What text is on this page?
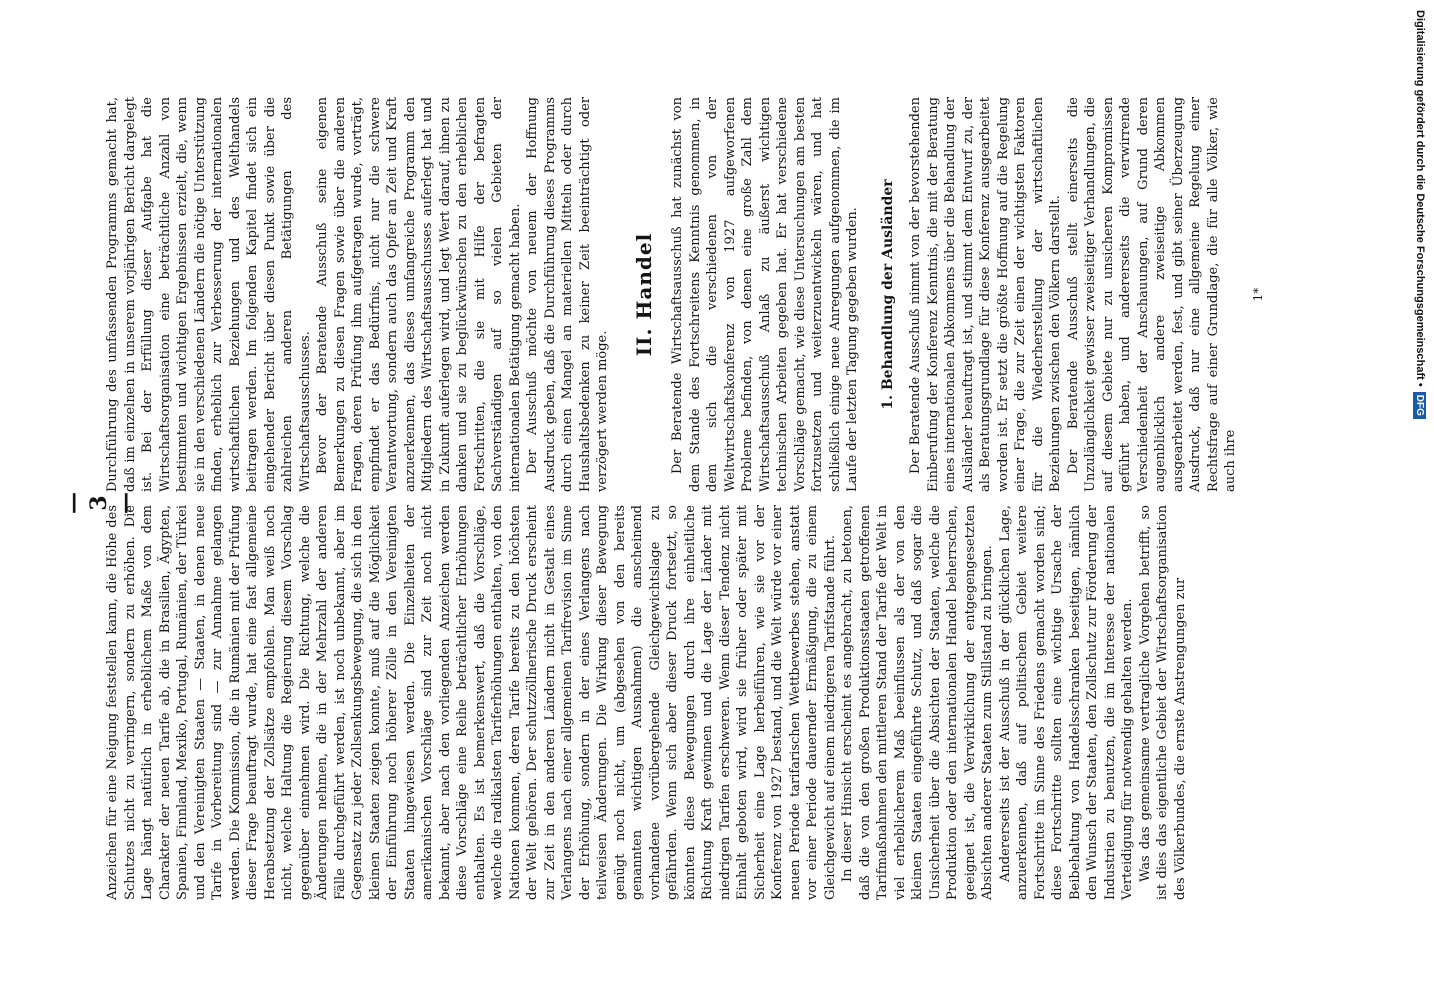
— 3 —

Anzeichen für eine Neigung feststellen kann, die Höhe des Schutzes nicht zu verringern, sondern zu erhöhen. Die Lage hängt natürlich in erheblichem Maße von dem Charakter der neuen Tarife ab, die in Brasilien, Ägypten, Spanien, Finnland, Mexiko, Portugal, Rumänien, der Türkei und den Vereinigten Staaten — Staaten, in denen neue Tarife in Vorbereitung sind — zur Annahme gelangen werden. Die Kommission, die in Rumänien mit der Prüfung dieser Frage beauftragt wurde, hat eine fast allgemeine Herabsetzung der Zollsätze empfohlen. Man weiß noch nicht, welche Haltung die Regierung diesem Vorschlag gegenüber einnehmen wird. Die Richtung, welche die Änderungen nehmen, die in der Mehrzahl der anderen Fälle durchgeführt werden, ist noch unbekannt, aber im Gegensatz zu jeder Zollsenkungsbewegung, die sich in den kleinen Staaten zeigen konnte, muß auf die Möglichkeit der Einführung noch höherer Zölle in den Vereinigten Staaten hingewiesen werden. Die Einzelheiten der amerikanischen Vorschläge sind zur Zeit noch nicht bekannt, aber nach den vorliegenden Anzeichen werden diese Vorschläge eine Reihe beträchtlicher Erhöhungen enthalten. Es ist bemerkenswert, daß die Vorschläge, welche die radikalsten Tariferhöhungen enthalten, von den Nationen kommen, deren Tarife bereits zu den höchsten der Welt gehören. Der schutzzöllnerische Druck erscheint zur Zeit in den anderen Ländern nicht in Gestalt eines Verlangens nach einer allgemeinen Tarifrevision im Sinne der Erhöhung, sondern in der eines Verlangens nach teilweisen Änderungen. Die Wirkung dieser Bewegung genügt noch nicht, um (abgesehen von den bereits genannten wichtigen Ausnahmen) die anscheinend vorhandene vorübergehende Gleichgewichtslage zu gefährden. Wenn sich aber dieser Druck fortsetzt, so könnten diese Bewegungen durch ihre einheitliche Richtung Kraft gewinnen und die Lage der Länder mit niedrigen Tarifen erschweren. Wenn dieser Tendenz nicht Einhalt geboten wird, wird sie früher oder später mit Sicherheit eine Lage herbeiführen, wie sie vor der Konferenz von 1927 bestand, und die Welt würde vor einer neuen Periode tarifarischen Wettbewerbes stehen, anstatt vor einer Periode dauernder Ermäßigung, die zu einem Gleichgewicht auf einem niedrigeren Tarifstande führt. In dieser Hinsicht erscheint es angebracht, zu betonen, daß die von den großen Produktionsstaaten getroffenen Tarifmaßnahmen den mittleren Stand der Tarife der Welt in viel erheblicherem Maß beeinflussen als der von den kleinen Staaten eingeführte Schutz, und daß sogar die Unsicherheit über die Absichten der Staaten, welche die Produktion oder den internationalen Handel beherrschen, geeignet ist, die Verwirklichung der entgegengesetzten Absichten anderer Staaten zum Stillstand zu bringen. Andererseits ist der Ausschuß in der glücklichen Lage, anzuerkennen, daß auf politischem Gebiet weitere Fortschritte im Sinne des Friedens gemacht worden sind; diese Fortschritte sollten eine wichtige Ursache der Beibehaltung von Handelsschranken beseitigen, nämlich den Wunsch der Staaten, den Zollschutz zur Förderung der Industrien zu benutzen, die im Interesse der nationalen Verteidigung für notwendig gehalten werden. Was das gemeinsame vertragliche Vorgehen betrifft, so ist dies das eigentliche Gebiet der Wirtschaftsorganisation des Völkerbundes, die ernste Anstrengungen zur

Durchführung des umfassenden Programms gemacht hat, daß im einzelnen in unserem vorjährigen Bericht dargelegt ist. Bei der Erfüllung dieser Aufgabe hat die Wirtschaftsorganisation eine beträchtliche Anzahl von bestimmten und wichtigen Ergebnissen erzielt, die, wenn sie in den verschiedenen Ländern die nötige Unterstützung finden, erheblich zur Verbesserung der internationalen wirtschaftlichen Beziehungen und des Welthandels beitragen werden. Im folgenden Kapitel findet sich ein eingehender Bericht über diesen Punkt sowie über die zahlreichen anderen Betätigungen des Wirtschaftsausschusses. Bevor der Beratende Ausschuß seine eigenen Bemerkungen zu diesen Fragen sowie über die anderen Fragen, deren Prüfung ihm aufgetragen wurde, vorträgt, empfindet er das Bedürfnis, nicht nur die schwere Verantwortung, sondern auch das Opfer an Zeit und Kraft anzuerkennen, das dieses umfangreiche Programm den Mitgliedern des Wirtschaftsausschusses auferlegt hat und in Zukunft auferlegen wird, und legt Wert darauf, ihnen zu danken und sie zu beglückwünschen zu den erheblichen Fortschritten, die sie mit Hilfe der befragten Sachverständigen auf so vielen Gebieten der internationalen Betätigung gemacht haben. Der Ausschuß möchte von neuem der Hoffnung Ausdruck geben, daß die Durchführung dieses Programms durch einen Mangel an materiellen Mitteln oder durch Haushaltsbedenken zu keiner Zeit beeinträchtigt oder verzögert werden möge.

II. Handel Der Beratende Wirtschaftsausschuß hat zunächst von dem Stande des Fortschreitens Kenntnis genommen, in dem sich die verschiedenen von der Weltwirtschaftskonferenz von 1927 aufgeworfenen Probleme befinden, von denen eine große Zahl dem Wirtschaftsausschuß Anlaß zu äußerst wichtigen technischen Arbeiten gegeben hat. Er hat verschiedene Vorschläge gemacht, wie diese Untersuchungen am besten fortzusetzen und weiterzuentwickeln wären, und hat schließlich einige neue Anregungen aufgenommen, die im Laufe der letzten Tagung gegeben wurden. 1. Behandlung der Ausländer Der Beratende Ausschuß nimmt von der bevorstehenden Einberufung der Konferenz Kenntnis, die mit der Beratung eines internationalen Abkommens über die Behandlung der Ausländer beauftragt ist, und stimmt dem Entwurf zu, der als Beratungsgrundlage für diese Konferenz ausgearbeitet worden ist. Er setzt die größte Hoffnung auf die Regelung einer Frage, die zur Zeit einen der wichtigsten Faktoren für die Wiederherstellung der wirtschaftlichen Beziehungen zwischen den Völkern darstellt. Der Beratende Ausschuß stellt einerseits die Unzulänglichkeit gewisser zweiseitiger Verhandlungen, die auf diesem Gebiete nur zu unsicheren Kompromissen geführt haben, und andererseits die verwirrende Verschiedenheit der Anschauungen, auf Grund deren augenblicklich andere zweiseitige Abkommen ausgearbeitet werden, fest, und gibt seiner Überzeugung Ausdruck, daß nur eine allgemeine Regelung einer Rechtsfrage auf einer Grundlage, die für alle Völker, wie auch ihre

1*	Digitalisierung gefördert durch die Deutsche Forschungsgemeinschaft • DFG
